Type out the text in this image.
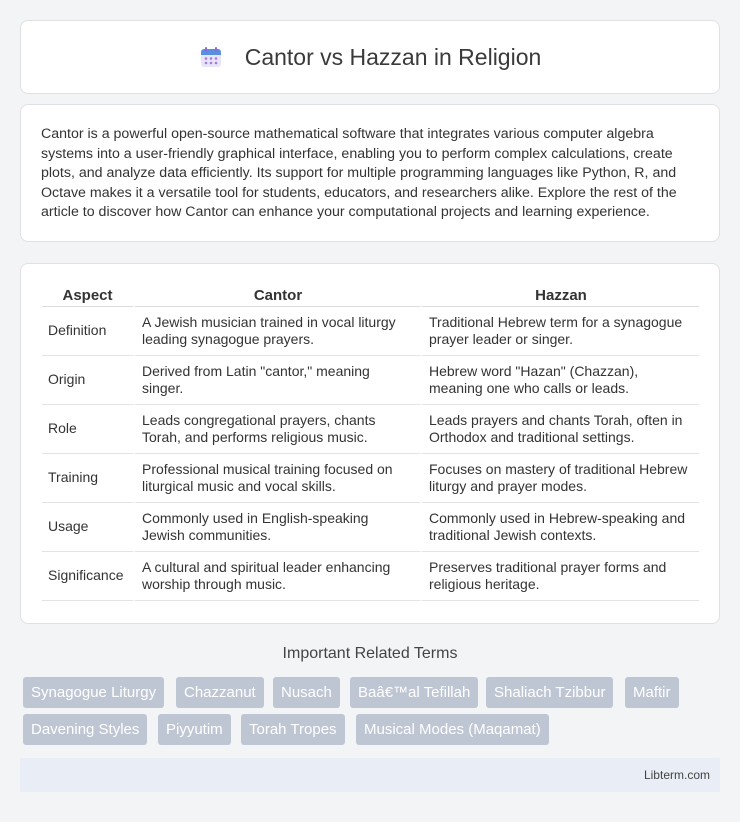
Cantor vs Hazzan in Religion

Cantor is a powerful open-source mathematical software that integrates various computer algebra systems into a user-friendly graphical interface, enabling you to perform complex calculations, create plots, and analyze data efficiently. Its support for multiple programming languages like Python, R, and Octave makes it a versatile tool for students, educators, and researchers alike. Explore the rest of the article to discover how Cantor can enhance your computational projects and learning experience.

Aspect	Cantor	Hazzan
Definition	A Jewish musician trained in vocal liturgy leading synagogue prayers.	Traditional Hebrew term for a synagogue prayer leader or singer.
Origin	Derived from Latin "cantor," meaning singer.	Hebrew word "Hazan" (Chazzan), meaning one who calls or leads.
Role	Leads congregational prayers, chants Torah, and performs religious music.	Leads prayers and chants Torah, often in Orthodox and traditional settings.
Training	Professional musical training focused on liturgical music and vocal skills.	Focuses on mastery of traditional Hebrew liturgy and prayer modes.
Usage	Commonly used in English-speaking Jewish communities.	Commonly used in Hebrew-speaking and traditional Jewish contexts.
Significance	A cultural and spiritual leader enhancing worship through music.	Preserves traditional prayer forms and religious heritage.
Important Related Terms
Synagogue Liturgy	Chazzanut	Nusach	Baâ€™al Tefillah	Shaliach Tzibbur	Maftir
Davening Styles	Piyyutim	Torah Tropes	Musical Modes (Maqamat)
Libterm.com
